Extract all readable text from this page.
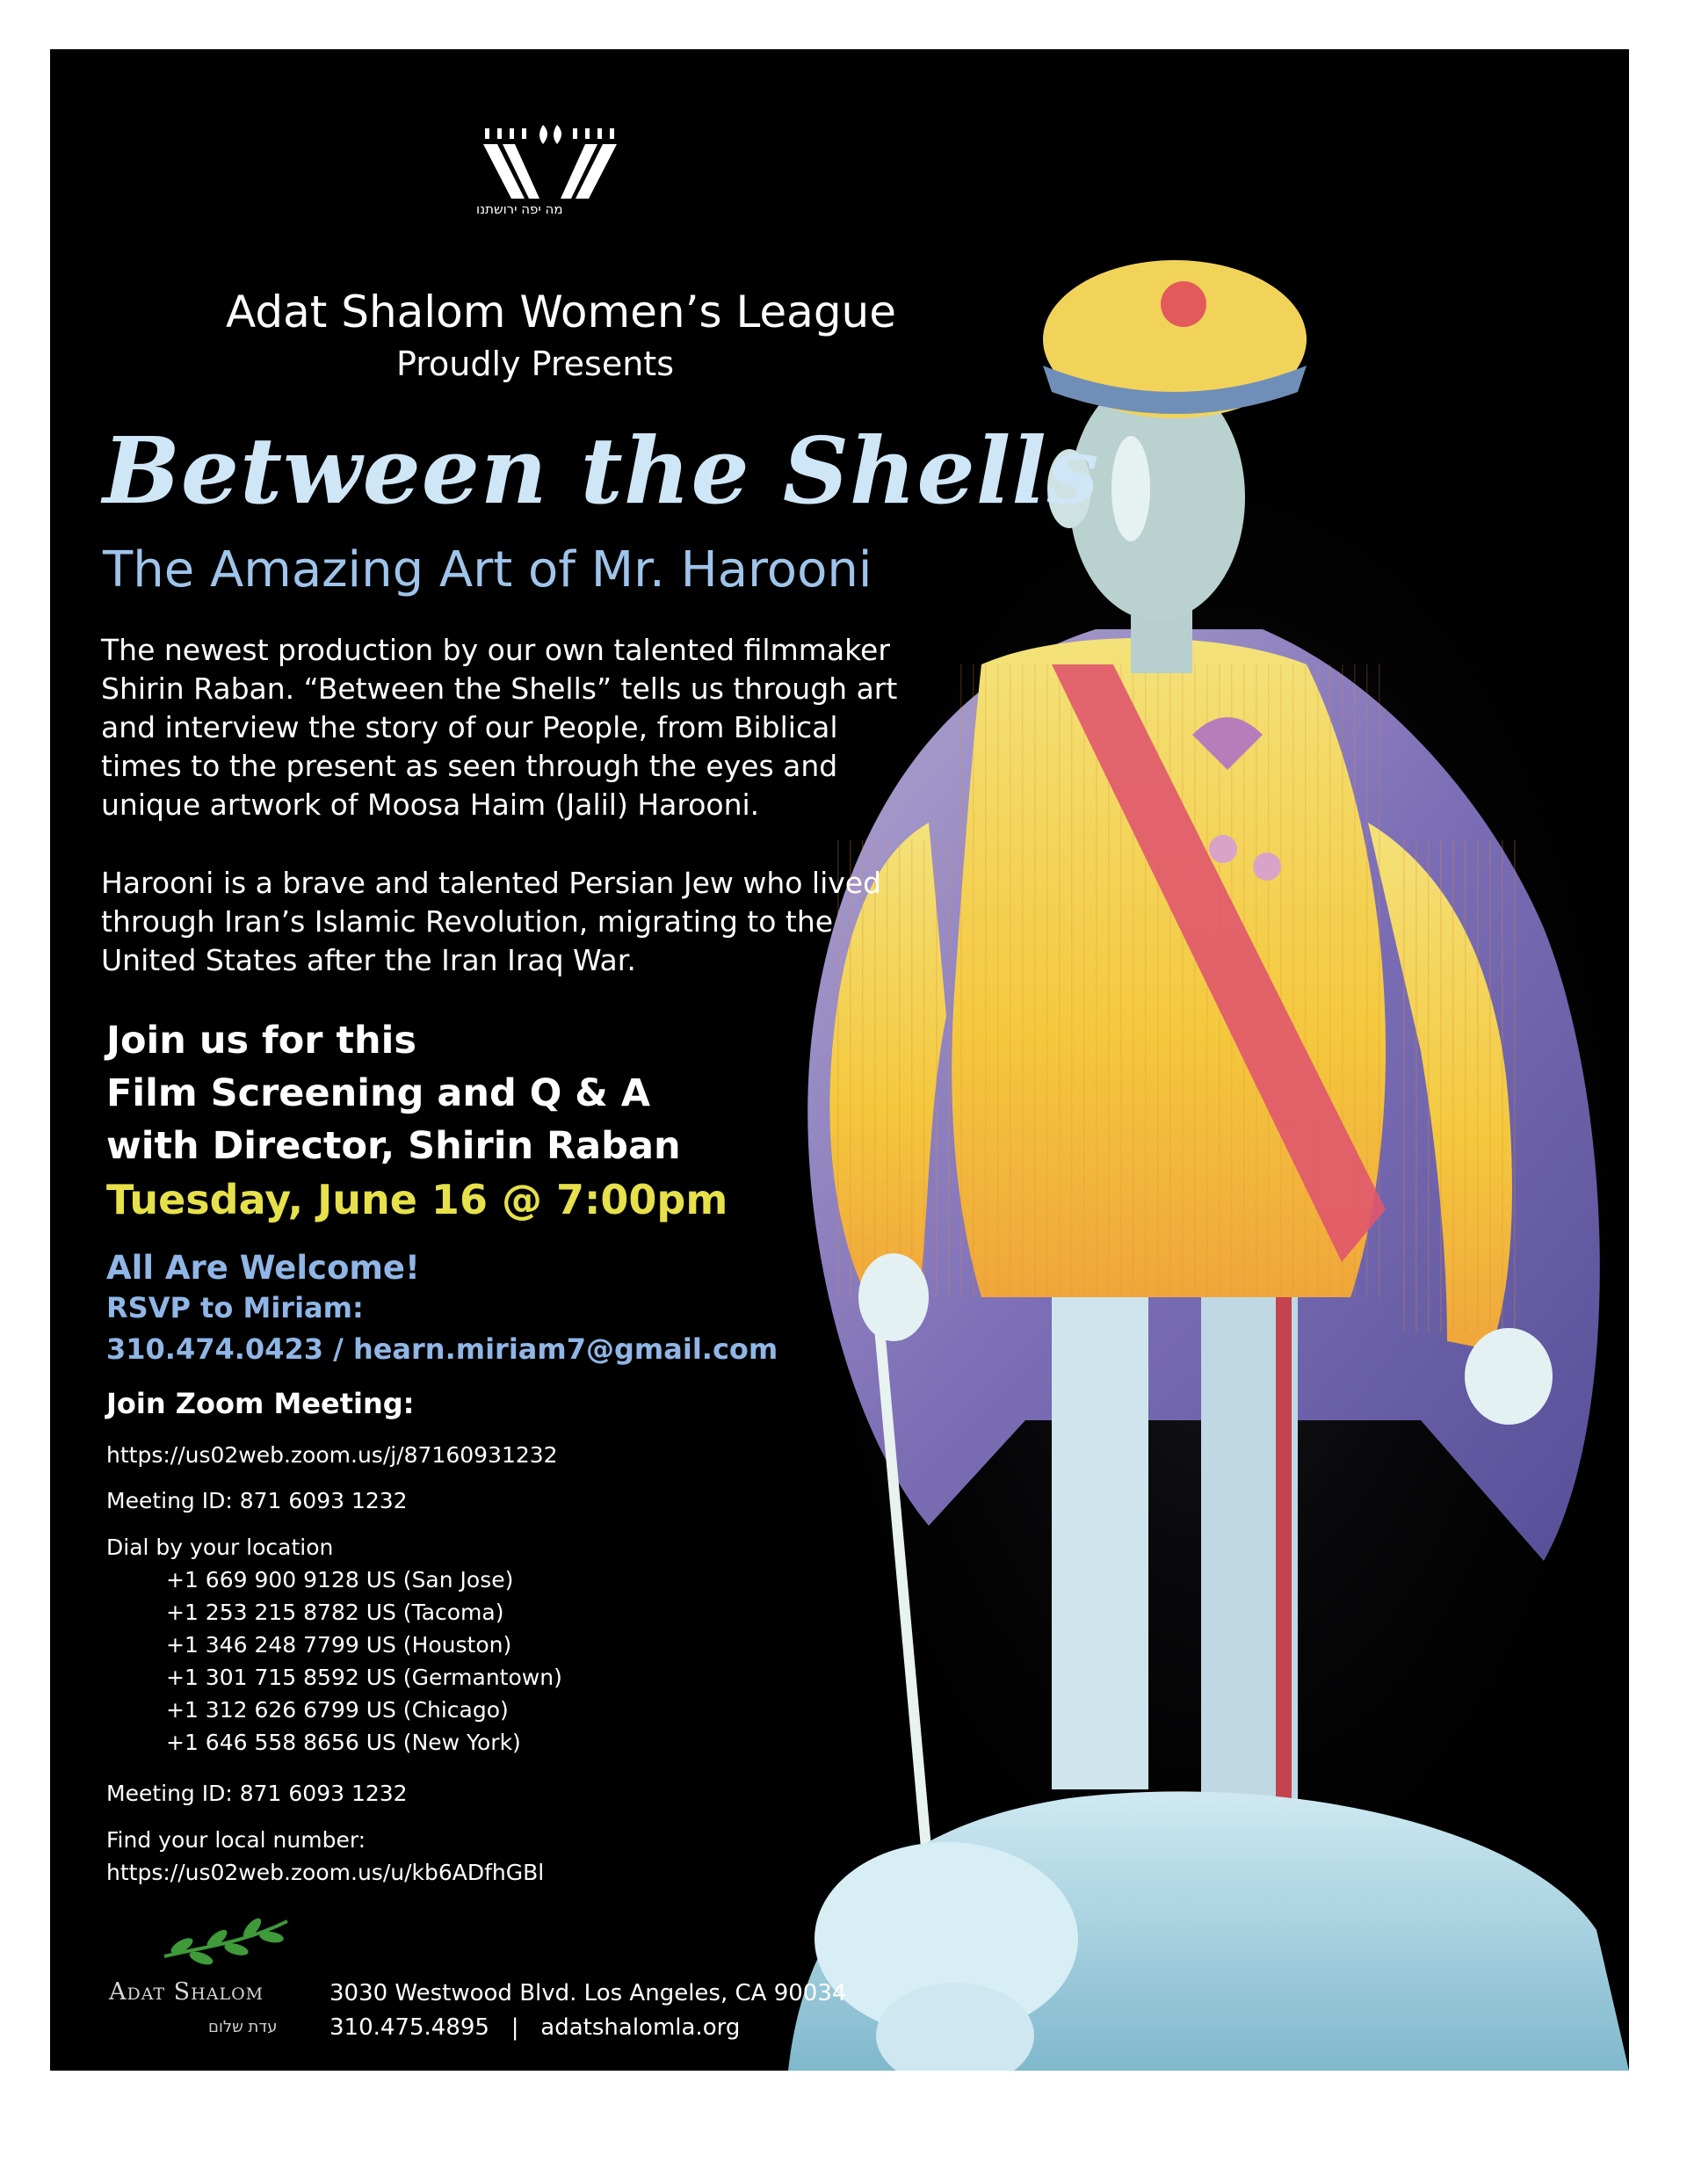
מה יפה ירושתנו
Adat Shalom Women’s League
Proudly Presents
Between the Shells
The Amazing Art of Mr. Harooni
The newest production by our own talented filmmaker Shirin Raban. “Between the Shells” tells us through art and interview the story of our People, from Biblical times to the present as seen through the eyes and unique artwork of Moosa Haim (Jalil) Harooni.
Harooni is a brave and talented Persian Jew who lived through Iran’s Islamic Revolution, migrating to the United States after the Iran Iraq War.
Join us for this
Film Screening and Q & A
with Director, Shirin Raban
Tuesday, June 16 @ 7:00pm
All Are Welcome!
RSVP to Miriam:
310.474.0423 / hearn.miriam7@gmail.com
Join Zoom Meeting:
https://us02web.zoom.us/j/87160931232
Meeting ID: 871 6093 1232
Dial by your location
+1 669 900 9128 US (San Jose)
+1 253 215 8782 US (Tacoma)
+1 346 248 7799 US (Houston)
+1 301 715 8592 US (Germantown)
+1 312 626 6799 US (Chicago)
+1 646 558 8656 US (New York)
Meeting ID: 871 6093 1232
Find your local number:
https://us02web.zoom.us/u/kb6ADfhGBl
Adat Shalom
עדת שלום
3030 Westwood Blvd. Los Angeles, CA 90034
310.475.4895   |   adatshalomla.org
